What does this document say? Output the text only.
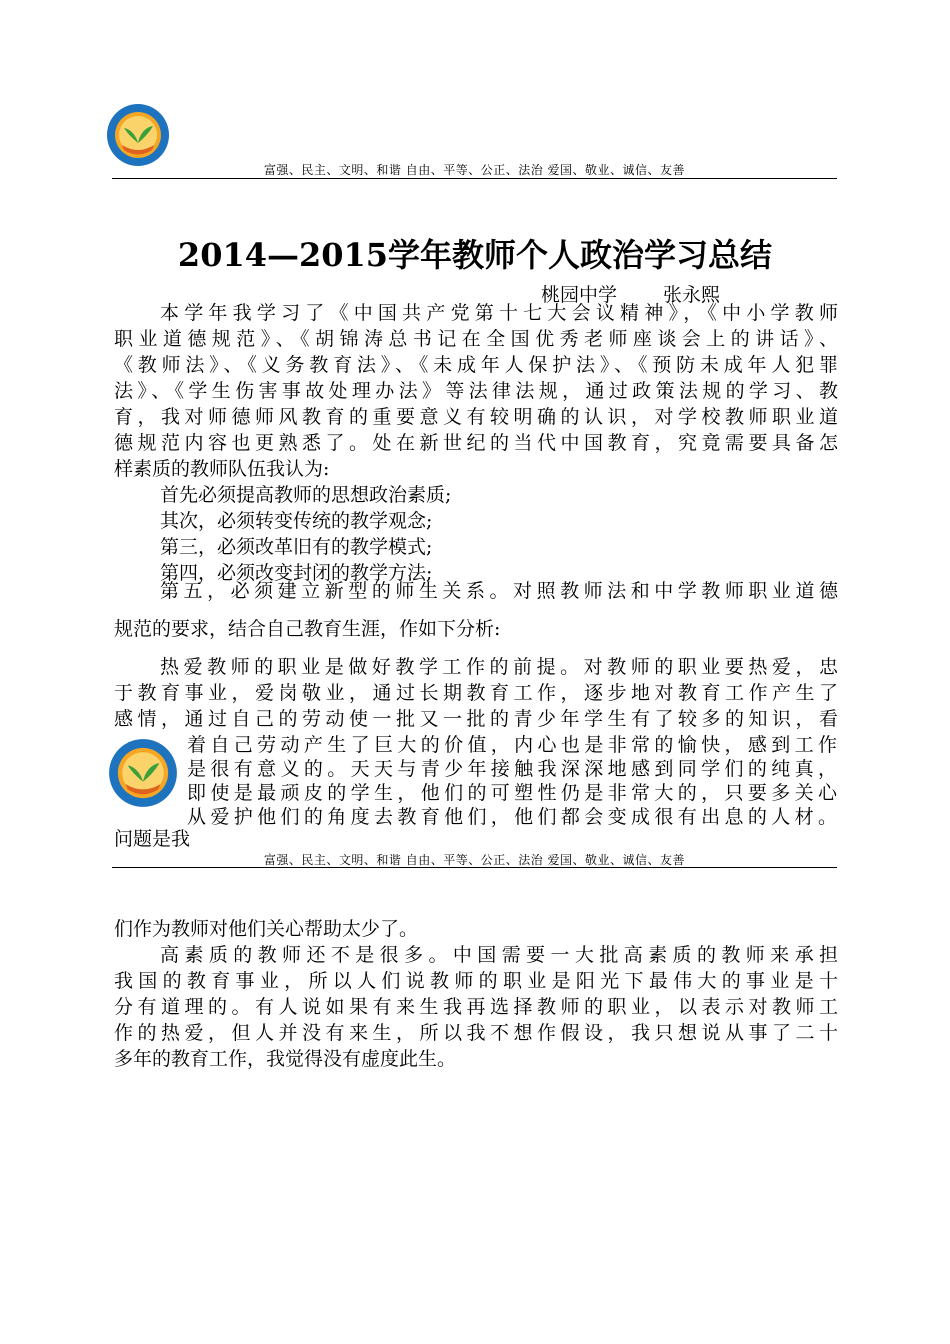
富强、民主、文明、和谐 自由、平等、公正、法治 爱国、敬业、诚信、友善
2014—2015学年教师个人政治学习总结
桃园中学 张永熙
本学年我学习了《中国共产党第十七大会议精神》，《中小学教师
职业道德规范》、《胡锦涛总书记在全国优秀老师座谈会上的讲话》、
《教师法》、《义务教育法》、《未成年人保护法》、《预防未成年人犯罪
法》、《学生伤害事故处理办法》等法律法规，通过政策法规的学习、教
育，我对师德师风教育的重要意义有较明确的认识，对学校教师职业道
德规范内容也更熟悉了。处在新世纪的当代中国教育，究竟需要具备怎
样素质的教师队伍我认为:
首先必须提高教师的思想政治素质;
其次，必须转变传统的教学观念;
第三，必须改革旧有的教学模式;
第四，必须改变封闭的教学方法;
第五，必须建立新型的师生关系。对照教师法和中学教师职业道德
规范的要求，结合自己教育生涯，作如下分析:
热爱教师的职业是做好教学工作的前提。对教师的职业要热爱，忠
于教育事业，爱岗敬业，通过长期教育工作，逐步地对教育工作产生了
感情，通过自己的劳动使一批又一批的青少年学生有了较多的知识，看
着自己劳动产生了巨大的价值，内心也是非常的愉快，感到工作
是很有意义的。天天与青少年接触我深深地感到同学们的纯真，
即使是最顽皮的学生，他们的可塑性仍是非常大的，只要多关心
从爱护他们的角度去教育他们，他们都会变成很有出息的人材。
问题是我
富强、民主、文明、和谐 自由、平等、公正、法治 爱国、敬业、诚信、友善
们作为教师对他们关心帮助太少了。
高素质的教师还不是很多。中国需要一大批高素质的教师来承担
我国的教育事业，所以人们说教师的职业是阳光下最伟大的事业是十
分有道理的。有人说如果有来生我再选择教师的职业，以表示对教师工
作的热爱，但人并没有来生，所以我不想作假设，我只想说从事了二十
多年的教育工作，我觉得没有虚度此生。
